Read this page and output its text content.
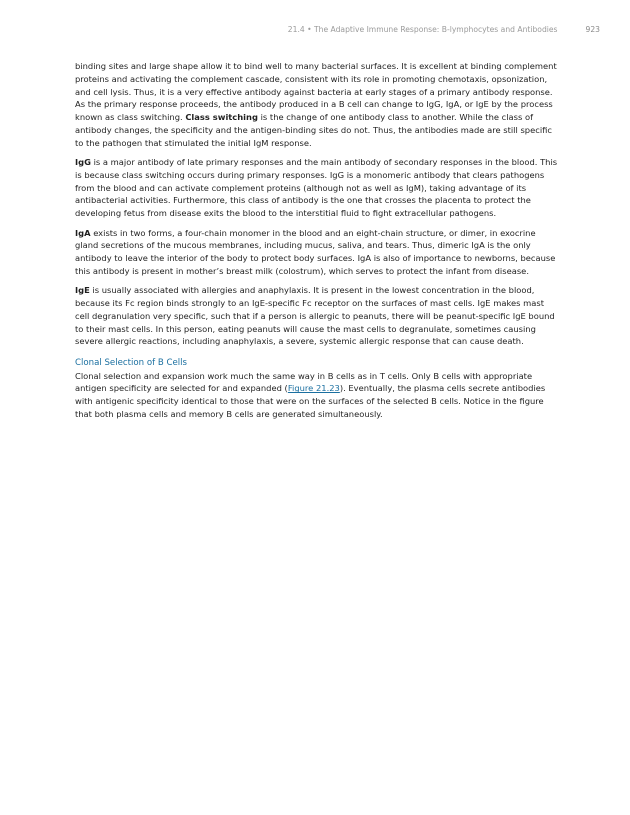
21.4 • The Adaptive Immune Response: B-lymphocytes and Antibodies	923

binding sites and large shape allow it to bind well to many bacterial surfaces. It is excellent at binding complement proteins and activating the complement cascade, consistent with its role in promoting chemotaxis, opsonization, and cell lysis. Thus, it is a very effective antibody against bacteria at early stages of a primary antibody response. As the primary response proceeds, the antibody produced in a B cell can change to IgG, IgA, or IgE by the process known as class switching. Class switching is the change of one antibody class to another. While the class of antibody changes, the specificity and the antigen-binding sites do not. Thus, the antibodies made are still specific to the pathogen that stimulated the initial IgM response.

IgG is a major antibody of late primary responses and the main antibody of secondary responses in the blood. This is because class switching occurs during primary responses. IgG is a monomeric antibody that clears pathogens from the blood and can activate complement proteins (although not as well as IgM), taking advantage of its antibacterial activities. Furthermore, this class of antibody is the one that crosses the placenta to protect the developing fetus from disease exits the blood to the interstitial fluid to fight extracellular pathogens.

IgA exists in two forms, a four-chain monomer in the blood and an eight-chain structure, or dimer, in exocrine gland secretions of the mucous membranes, including mucus, saliva, and tears. Thus, dimeric IgA is the only antibody to leave the interior of the body to protect body surfaces. IgA is also of importance to newborns, because this antibody is present in mother’s breast milk (colostrum), which serves to protect the infant from disease.

IgE is usually associated with allergies and anaphylaxis. It is present in the lowest concentration in the blood, because its Fc region binds strongly to an IgE-specific Fc receptor on the surfaces of mast cells. IgE makes mast cell degranulation very specific, such that if a person is allergic to peanuts, there will be peanut-specific IgE bound to their mast cells. In this person, eating peanuts will cause the mast cells to degranulate, sometimes causing severe allergic reactions, including anaphylaxis, a severe, systemic allergic response that can cause death.

Clonal Selection of B Cells

Clonal selection and expansion work much the same way in B cells as in T cells. Only B cells with appropriate antigen specificity are selected for and expanded (Figure 21.23). Eventually, the plasma cells secrete antibodies with antigenic specificity identical to those that were on the surfaces of the selected B cells. Notice in the figure that both plasma cells and memory B cells are generated simultaneously.
